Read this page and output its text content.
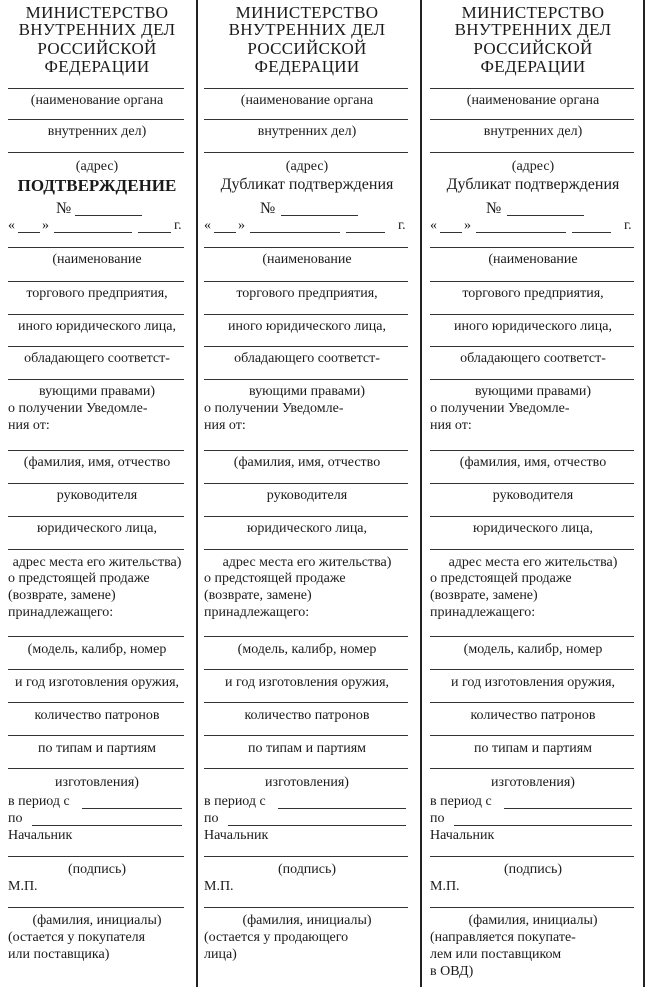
МИНИСТЕРСТВО
ВНУТРЕННИХ ДЕЛ
РОССИЙСКОЙ
ФЕДЕРАЦИИ
(наименование органа
внутренних дел)
(адрес)
(наименование
торгового предприятия,
иного юридического лица,
обладающего соответст-
вующими правами)
о получении Уведомле-
ния от:
(фамилия, имя, отчество
руководителя
юридического лица,
адрес места его жительства)
о предстоящей продаже
(возврате, замене)
принадлежащего:
(модель, калибр, номер
и год изготовления оружия,
количество патронов
по типам и партиям
изготовления)
в период с
по
Начальник
(подпись)
М.П.
(фамилия, инициалы)
(остается у покупателя
или поставщика)
ПОДТВЕРЖДЕНИЕ
№
« »	г.
МИНИСТЕРСТВО
ВНУТРЕННИХ ДЕЛ
РОССИЙСКОЙ
ФЕДЕРАЦИИ
(наименование органа
внутренних дел)
(адрес)
(наименование
торгового предприятия,
иного юридического лица,
обладающего соответст-
вующими правами)
о получении Уведомле-
ния от:
(фамилия, имя, отчество
руководителя
юридического лица,
адрес места его жительства)
о предстоящей продаже
(возврате, замене)
принадлежащего:
(модель, калибр, номер
и год изготовления оружия,
количество патронов
по типам и партиям
изготовления)
в период с
по
Начальник
(подпись)
М.П.
(фамилия, инициалы)
(остается у продающего
лица)
Дубликат подтверждения
№
« »	г.
МИНИСТЕРСТВО
ВНУТРЕННИХ ДЕЛ
РОССИЙСКОЙ
ФЕДЕРАЦИИ
(наименование органа
внутренних дел)
(адрес)
(наименование
торгового предприятия,
иного юридического лица,
обладающего соответст-
вующими правами)
о получении Уведомле-
ния от:
(фамилия, имя, отчество
руководителя
юридического лица,
адрес места его жительства)
о предстоящей продаже
(возврате, замене)
принадлежащего:
(модель, калибр, номер
и год изготовления оружия,
количество патронов
по типам и партиям
изготовления)
в период с
по
Начальник
(подпись)
М.П.
(фамилия, инициалы)
(направляется покупате-
лем или поставщиком
в ОВД)
Дубликат подтверждения
№
« »	г.
